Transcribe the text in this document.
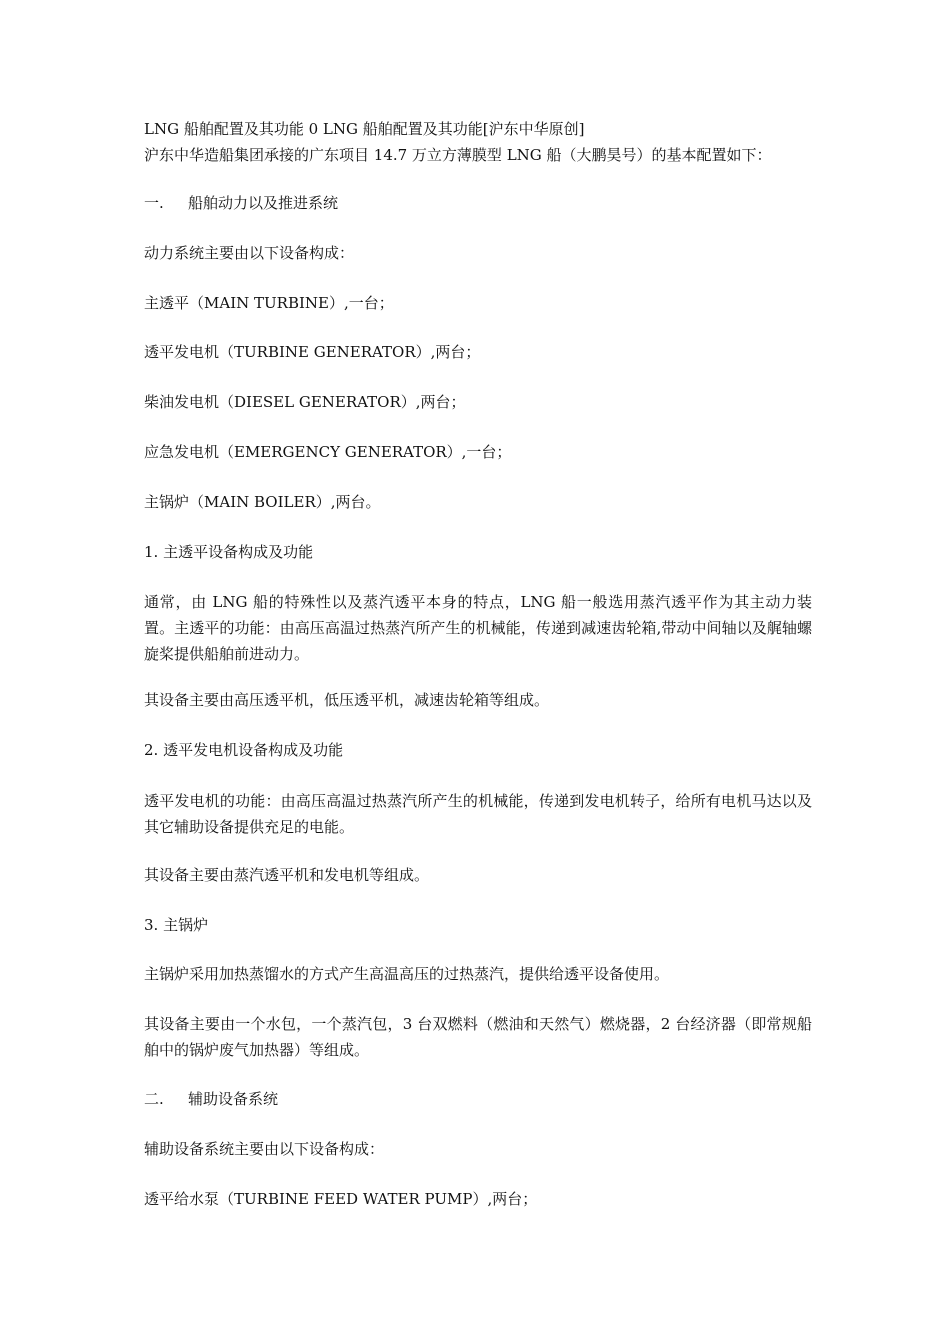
LNG 船舶配置及其功能 0 LNG 船舶配置及其功能[沪东中华原创]
沪东中华造船集团承接的广东项目 14.7 万立方薄膜型 LNG 船（大鹏昊号）的基本配置如下：
一. 船舶动力以及推进系统
动力系统主要由以下设备构成：
主透平（MAIN TURBINE）,一台；
透平发电机（TURBINE GENERATOR）,两台；
柴油发电机（DIESEL GENERATOR）,两台；
应急发电机（EMERGENCY GENERATOR）,一台；
主锅炉（MAIN BOILER）,两台。
1. 主透平设备构成及功能
通常，由 LNG 船的特殊性以及蒸汽透平本身的特点，LNG 船一般选用蒸汽透平作为其主动力装置。主透平的功能：由高压高温过热蒸汽所产生的机械能，传递到减速齿轮箱,带动中间轴以及艉轴螺旋桨提供船舶前进动力。
其设备主要由高压透平机，低压透平机，减速齿轮箱等组成。
2. 透平发电机设备构成及功能
透平发电机的功能：由高压高温过热蒸汽所产生的机械能，传递到发电机转子，给所有电机马达以及其它辅助设备提供充足的电能。
其设备主要由蒸汽透平机和发电机等组成。
3. 主锅炉
主锅炉采用加热蒸馏水的方式产生高温高压的过热蒸汽，提供给透平设备使用。
其设备主要由一个水包，一个蒸汽包，3 台双燃料（燃油和天然气）燃烧器，2 台经济器（即常规船舶中的锅炉废气加热器）等组成。
二. 辅助设备系统
辅助设备系统主要由以下设备构成：
透平给水泵（TURBINE FEED WATER PUMP）,两台；
